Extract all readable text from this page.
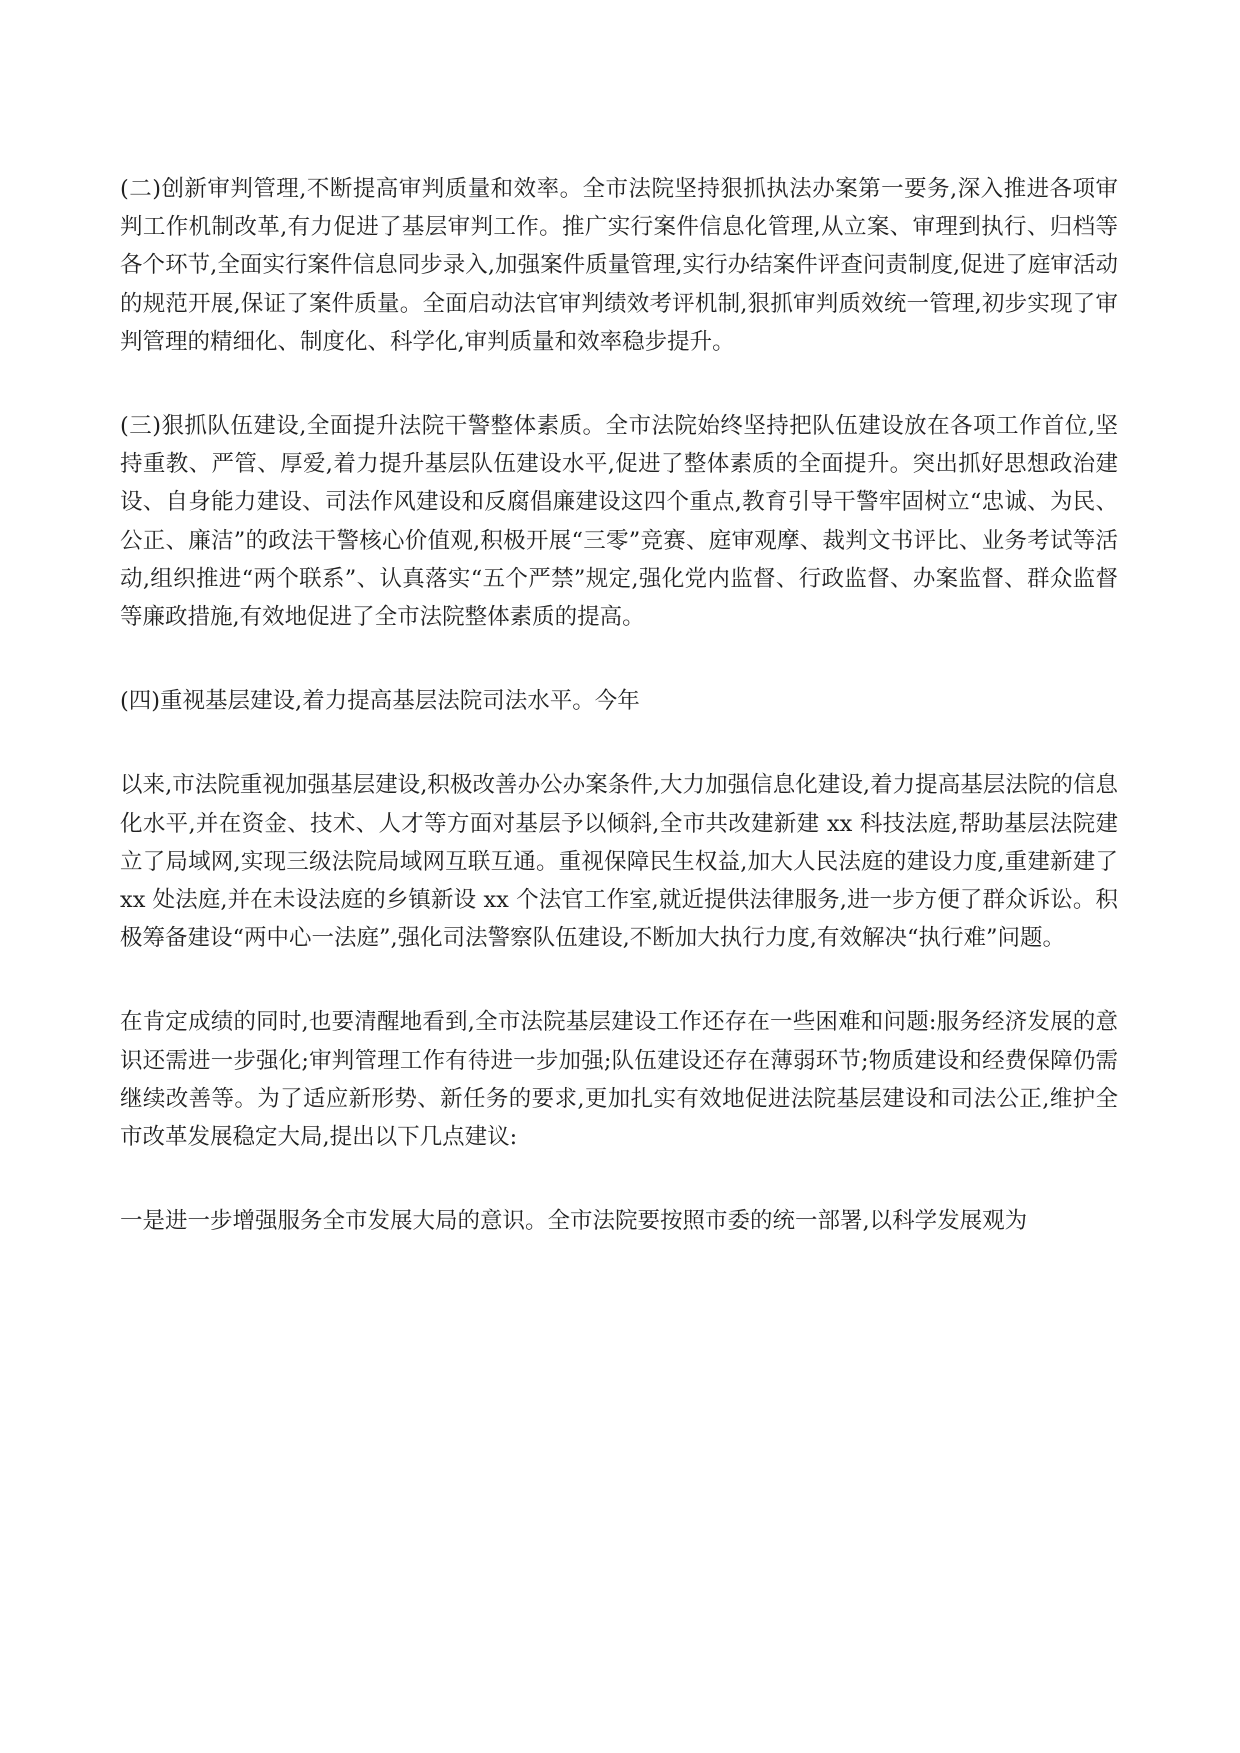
(二)创新审判管理,不断提高审判质量和效率。全市法院坚持狠抓执法办案第一要务,深入推进各项审判工作机制改革,有力促进了基层审判工作。推广实行案件信息化管理,从立案、审理到执行、归档等各个环节,全面实行案件信息同步录入,加强案件质量管理,实行办结案件评查问责制度,促进了庭审活动的规范开展,保证了案件质量。全面启动法官审判绩效考评机制,狠抓审判质效统一管理,初步实现了审判管理的精细化、制度化、科学化,审判质量和效率稳步提升。

(三)狠抓队伍建设,全面提升法院干警整体素质。全市法院始终坚持把队伍建设放在各项工作首位,坚持重教、严管、厚爱,着力提升基层队伍建设水平,促进了整体素质的全面提升。突出抓好思想政治建设、自身能力建设、司法作风建设和反腐倡廉建设这四个重点,教育引导干警牢固树立“忠诚、为民、公正、廉洁”的政法干警核心价值观,积极开展“三零”竞赛、庭审观摩、裁判文书评比、业务考试等活动,组织推进“两个联系”、认真落实“五个严禁”规定,强化党内监督、行政监督、办案监督、群众监督等廉政措施,有效地促进了全市法院整体素质的提高。

(四)重视基层建设,着力提高基层法院司法水平。今年

以来,市法院重视加强基层建设,积极改善办公办案条件,大力加强信息化建设,着力提高基层法院的信息化水平,并在资金、技术、人才等方面对基层予以倾斜,全市共改建新建 xx 科技法庭,帮助基层法院建立了局域网,实现三级法院局域网互联互通。重视保障民生权益,加大人民法庭的建设力度,重建新建了 xx 处法庭,并在未设法庭的乡镇新设 xx 个法官工作室,就近提供法律服务,进一步方便了群众诉讼。积极筹备建设“两中心一法庭”,强化司法警察队伍建设,不断加大执行力度,有效解决“执行难”问题。

在肯定成绩的同时,也要清醒地看到,全市法院基层建设工作还存在一些困难和问题:服务经济发展的意识还需进一步强化;审判管理工作有待进一步加强;队伍建设还存在薄弱环节;物质建设和经费保障仍需继续改善等。为了适应新形势、新任务的要求,更加扎实有效地促进法院基层建设和司法公正,维护全市改革发展稳定大局,提出以下几点建议:

一是进一步增强服务全市发展大局的意识。全市法院要按照市委的统一部署,以科学发展观为
